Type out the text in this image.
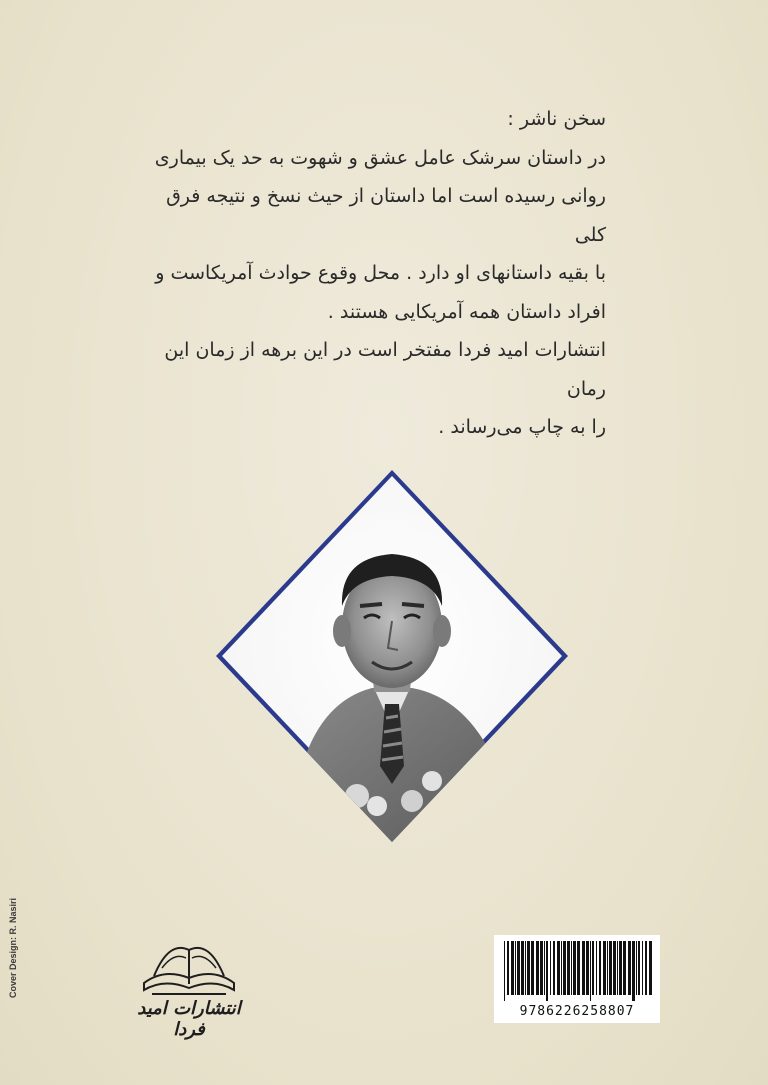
سخن ناشر :

در داستان سرشک عامل عشق و شهوت به حد یک بیماری

روانی رسیده است اما داستان از حیث نسخ و نتیجه فرق کلی

با بقیه داستانهای او دارد . محل وقوع حوادث آمریکاست و

افراد داستان همه آمریکایی هستند .

انتشارات امید فردا مفتخر است در این برهه از زمان این رمان

را به چاپ می‌رساند .

Cover Design: R. Nasiri
انتشارات امید فردا
9786226258807
